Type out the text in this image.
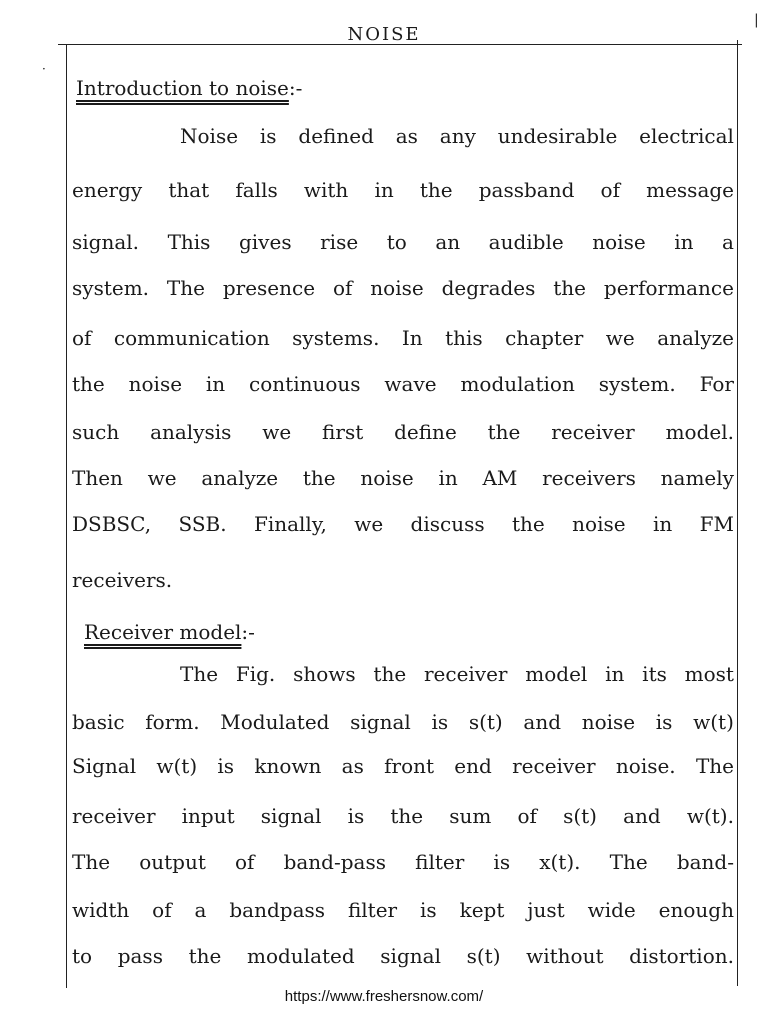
|
·
NOISE
Introduction to noise:-
Noise is defined as any undesirable electrical
energy that falls with in the passband of message
signal. This gives rise to an audible noise in a
system. The presence of noise degrades the performance
of communication systems. In this chapter we analyze
the noise in continuous wave modulation system. For
such analysis we first define the receiver model.
Then we analyze the noise in AM receivers namely
DSBSC, SSB. Finally, we discuss the noise in FM
receivers.
Receiver model:-
The Fig. shows the receiver model in its most
basic form. Modulated signal is s(t) and noise is w(t)
Signal w(t) is known as front end receiver noise. The
receiver input signal is the sum of s(t) and w(t).
The output of band-pass filter is x(t). The band-
width of a bandpass filter is kept just wide enough
to pass the modulated signal s(t) without distortion.
https://www.freshersnow.com/
